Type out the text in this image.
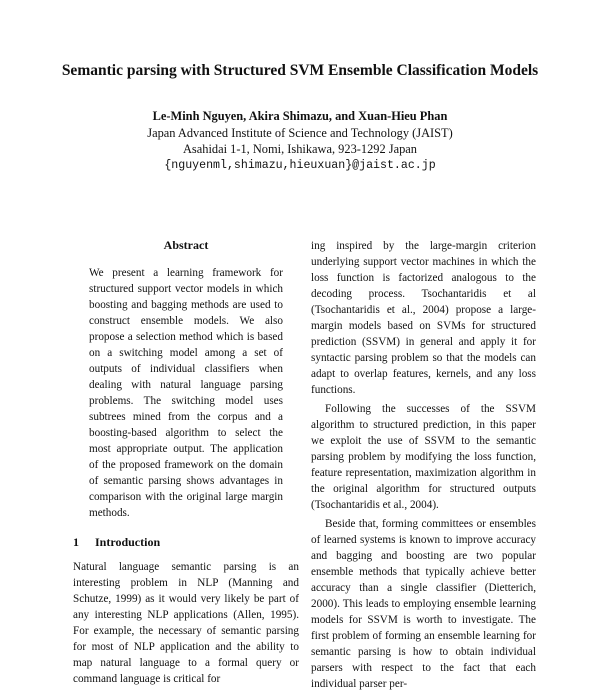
Semantic parsing with Structured SVM Ensemble Classification Models
Le-Minh Nguyen, Akira Shimazu, and Xuan-Hieu Phan
Japan Advanced Institute of Science and Technology (JAIST)
Asahidai 1-1, Nomi, Ishikawa, 923-1292 Japan
{nguyenml,shimazu,hieuxuan}@jaist.ac.jp
Abstract

We present a learning framework for structured support vector models in which boosting and bagging methods are used to construct ensemble models. We also propose a selection method which is based on a switching model among a set of outputs of individual classifiers when dealing with natural language parsing problems. The switching model uses subtrees mined from the corpus and a boosting-based algorithm to select the most appropriate output. The application of the proposed framework on the domain of semantic parsing shows advantages in comparison with the original large margin methods.

1 Introduction

Natural language semantic parsing is an interesting problem in NLP (Manning and Schutze, 1999) as it would very likely be part of any interesting NLP applications (Allen, 1995). For example, the necessary of semantic parsing for most of NLP application and the ability to map natural language to a formal query or command language is critical for

ing inspired by the large-margin criterion underlying support vector machines in which the loss function is factorized analogous to the decoding process. Tsochantaridis et al (Tsochantaridis et al., 2004) propose a large-margin models based on SVMs for structured prediction (SSVM) in general and apply it for syntactic parsing problem so that the models can adapt to overlap features, kernels, and any loss functions.

Following the successes of the SSVM algorithm to structured prediction, in this paper we exploit the use of SSVM to the semantic parsing problem by modifying the loss function, feature representation, maximization algorithm in the original algorithm for structured outputs (Tsochantaridis et al., 2004).

Beside that, forming committees or ensembles of learned systems is known to improve accuracy and bagging and boosting are two popular ensemble methods that typically achieve better accuracy than a single classifier (Dietterich, 2000). This leads to employing ensemble learning models for SSVM is worth to investigate. The first problem of forming an ensemble learning for semantic parsing is how to obtain individual parsers with respect to the fact that each individual parser per-
